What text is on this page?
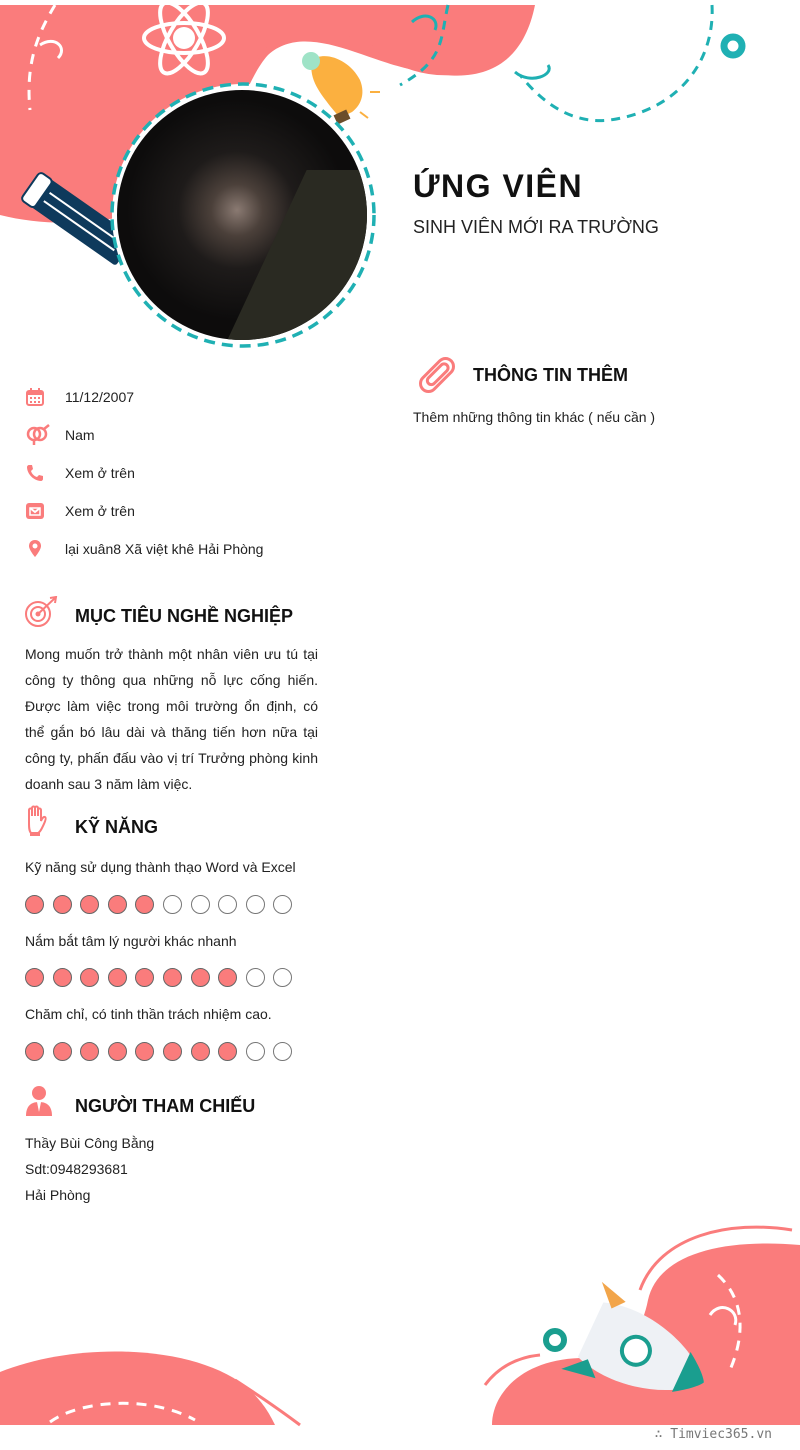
ỨNG VIÊN
SINH VIÊN MỚI RA TRƯỜNG
11/12/2007
Nam
Xem ở trên
Xem ở trên
lại xuân8 Xã việt khê Hải Phòng
MỤC TIÊU NGHỀ NGHIỆP
Mong muốn trở thành một nhân viên ưu tú tại công ty thông qua những nỗ lực cống hiến. Được làm việc trong môi trường ổn định, có thể gắn bó lâu dài và thăng tiến hơn nữa tại công ty, phấn đấu vào vị trí Trưởng phòng kinh doanh sau 3 năm làm việc.
KỸ NĂNG
Kỹ năng sử dụng thành thạo Word và Excel
Nắm bắt tâm lý người khác nhanh
Chăm chỉ, có tinh thần trách nhiệm cao.
NGƯỜI THAM CHIẾU
Thầy Bùi Công Bằng
Sdt:0948293681
Hải Phòng
THÔNG TIN THÊM
Thêm những thông tin khác ( nếu cần )
∴ Timviec365.vn
